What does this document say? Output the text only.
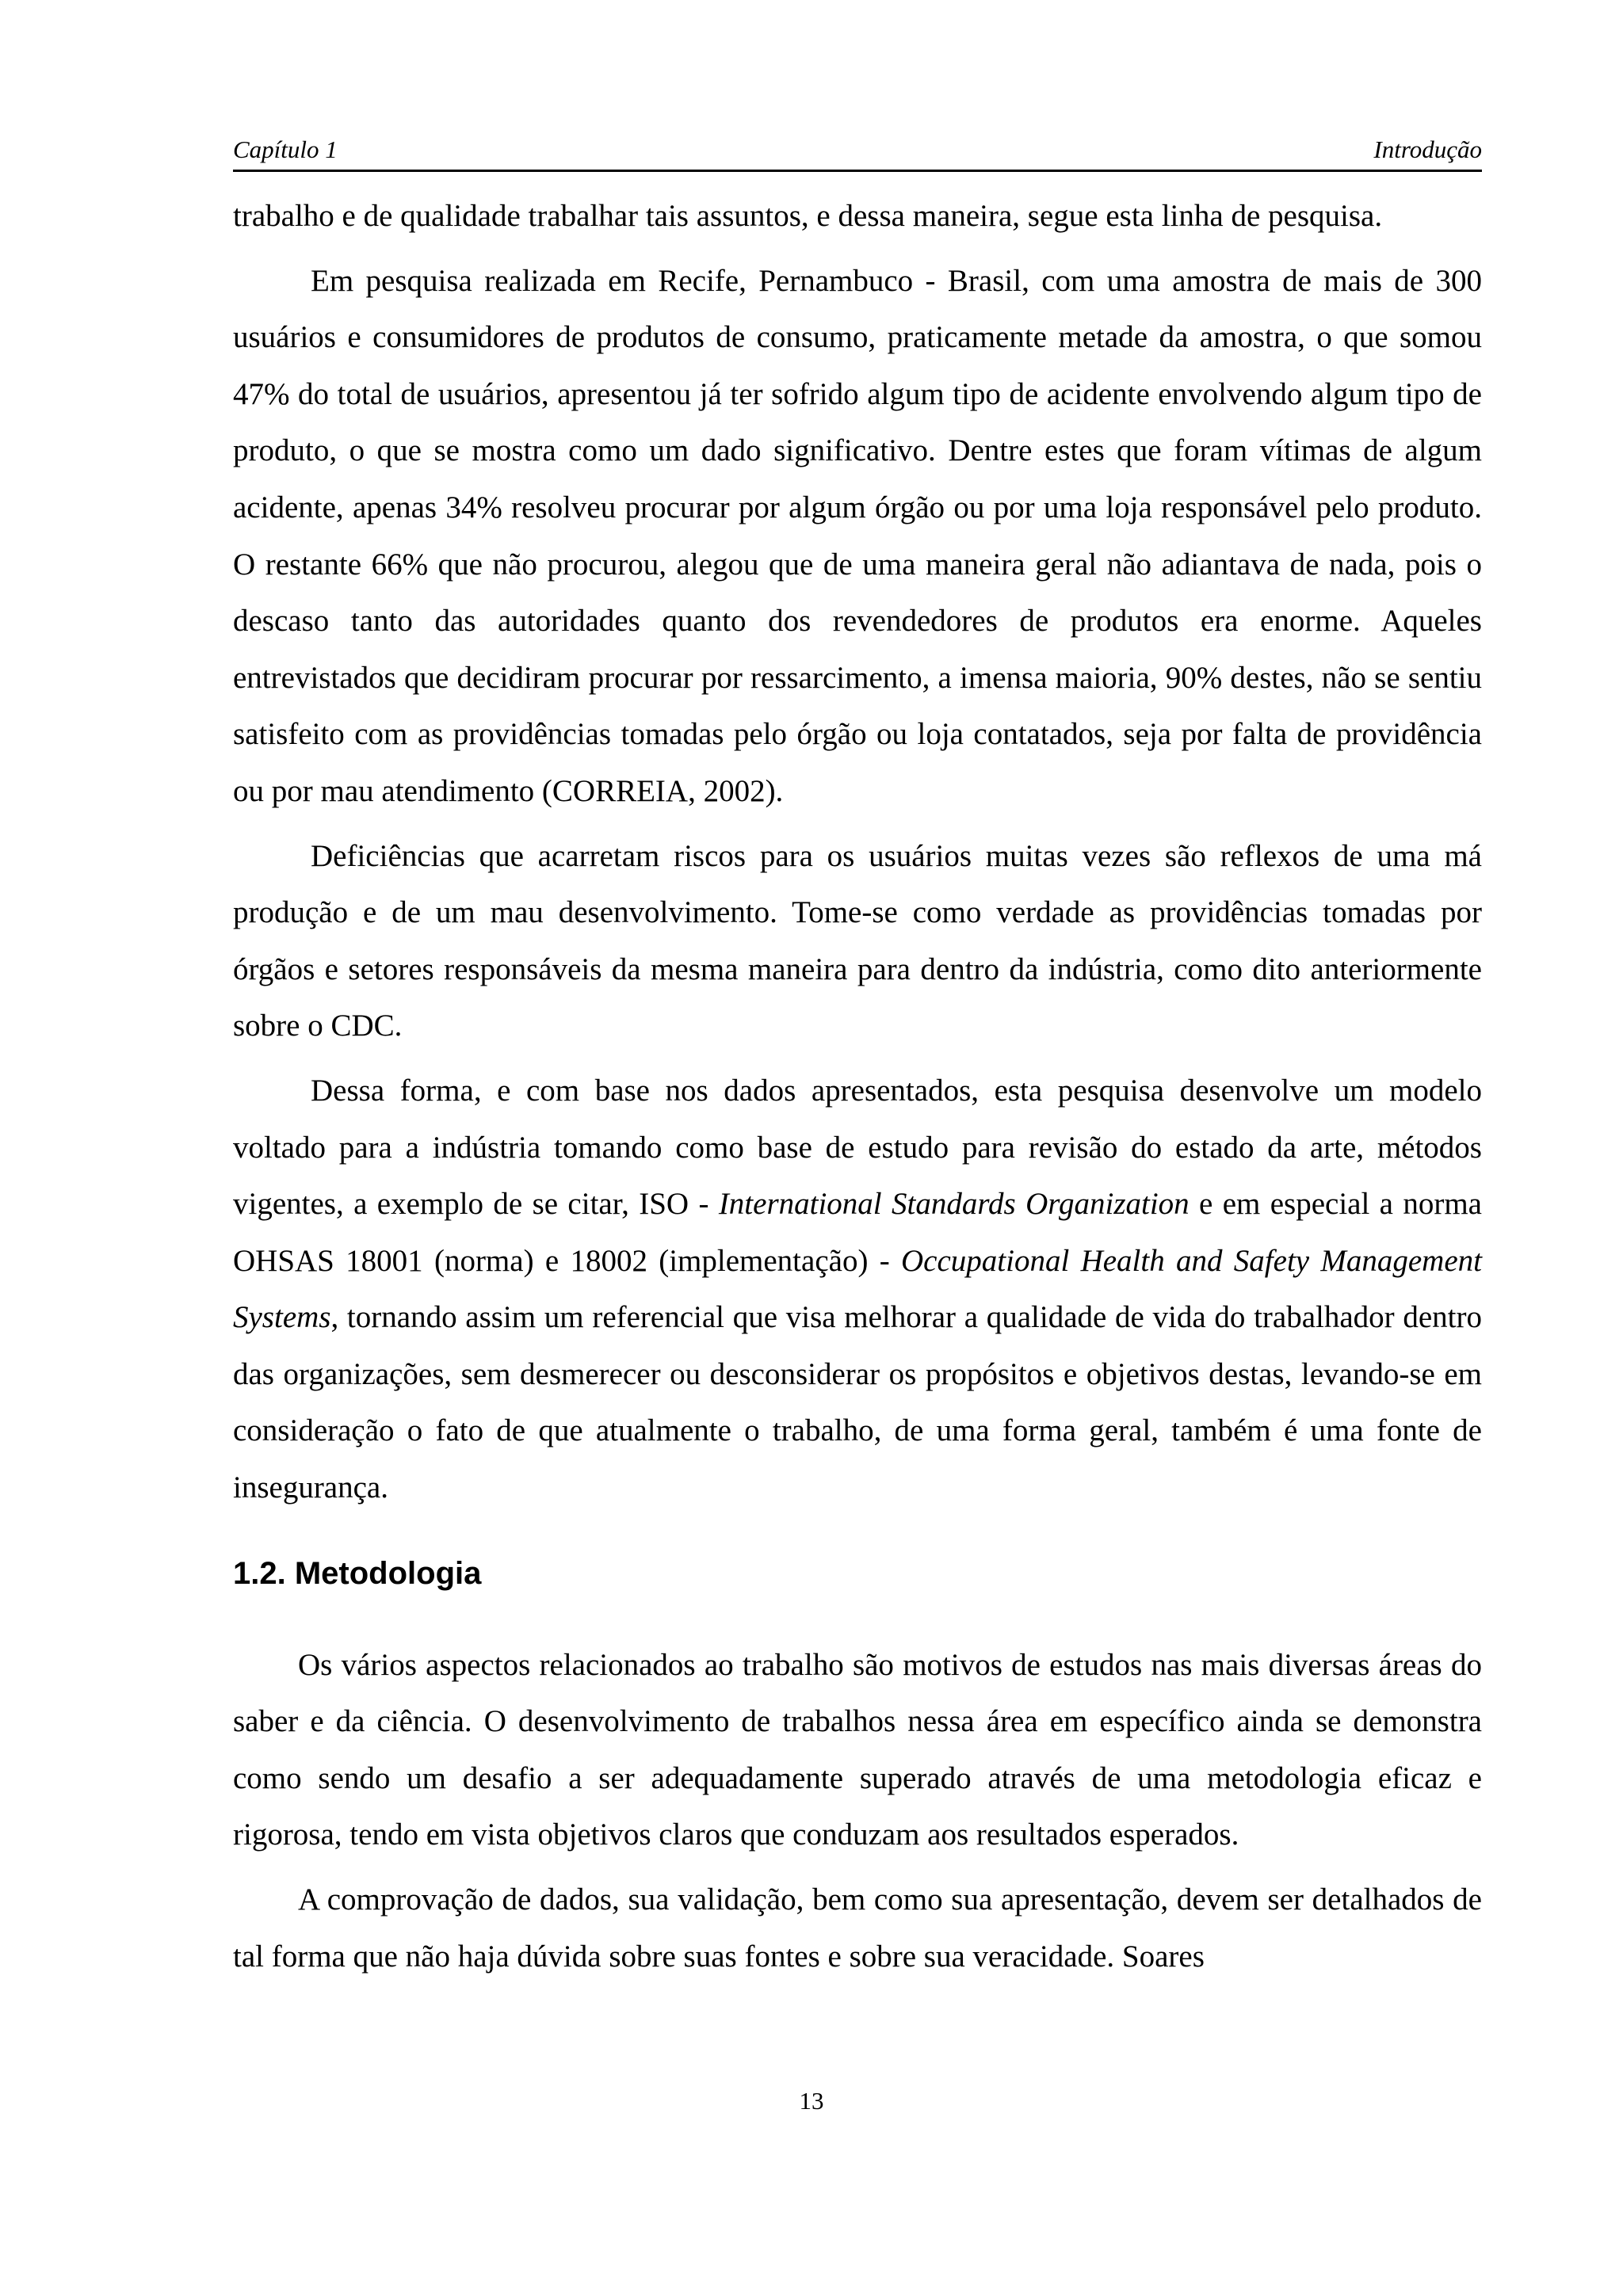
Capítulo 1	Introdução

trabalho e de qualidade trabalhar tais assuntos, e dessa maneira, segue esta linha de pesquisa.

Em pesquisa realizada em Recife, Pernambuco - Brasil, com uma amostra de mais de 300 usuários e consumidores de produtos de consumo, praticamente metade da amostra, o que somou 47% do total de usuários, apresentou já ter sofrido algum tipo de acidente envolvendo algum tipo de produto, o que se mostra como um dado significativo. Dentre estes que foram vítimas de algum acidente, apenas 34% resolveu procurar por algum órgão ou por uma loja responsável pelo produto. O restante 66% que não procurou, alegou que de uma maneira geral não adiantava de nada, pois o descaso tanto das autoridades quanto dos revendedores de produtos era enorme. Aqueles entrevistados que decidiram procurar por ressarcimento, a imensa maioria, 90% destes, não se sentiu satisfeito com as providências tomadas pelo órgão ou loja contatados, seja por falta de providência ou por mau atendimento (CORREIA, 2002).

Deficiências que acarretam riscos para os usuários muitas vezes são reflexos de uma má produção e de um mau desenvolvimento. Tome-se como verdade as providências tomadas por órgãos e setores responsáveis da mesma maneira para dentro da indústria, como dito anteriormente sobre o CDC.

Dessa forma, e com base nos dados apresentados, esta pesquisa desenvolve um modelo voltado para a indústria tomando como base de estudo para revisão do estado da arte, métodos vigentes, a exemplo de se citar, ISO - International Standards Organization e em especial a norma OHSAS 18001 (norma) e 18002 (implementação) - Occupational Health and Safety Management Systems, tornando assim um referencial que visa melhorar a qualidade de vida do trabalhador dentro das organizações, sem desmerecer ou desconsiderar os propósitos e objetivos destas, levando-se em consideração o fato de que atualmente o trabalho, de uma forma geral, também é uma fonte de insegurança.

1.2. Metodologia

Os vários aspectos relacionados ao trabalho são motivos de estudos nas mais diversas áreas do saber e da ciência. O desenvolvimento de trabalhos nessa área em específico ainda se demonstra como sendo um desafio a ser adequadamente superado através de uma metodologia eficaz e rigorosa, tendo em vista objetivos claros que conduzam aos resultados esperados.

A comprovação de dados, sua validação, bem como sua apresentação, devem ser detalhados de tal forma que não haja dúvida sobre suas fontes e sobre sua veracidade. Soares

13
